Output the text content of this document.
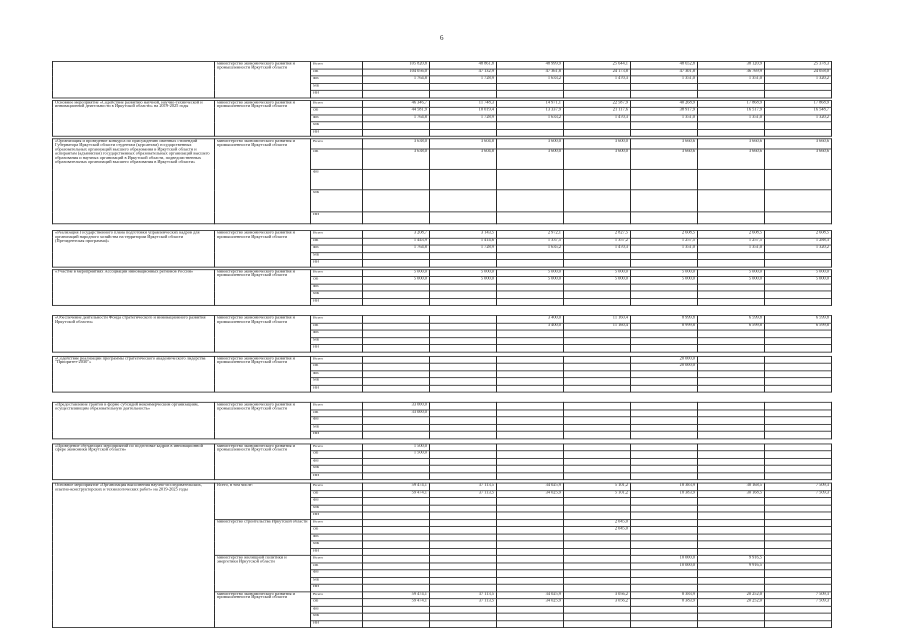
6
	министерство экономического развития и промышленности Иркутской области	Всего	105 820,8	48 861,8	48 999,9	25 644,1	48 652,8	38 120,9	25 378,3	
		ОБ	104 056,0	47 132,9	47 361,8	24 173,8	47 301,8	36 769,9	24 058,0	
		ФБ	1 764,8	1 728,9	1 633,2	1 470,3	1 351,0	1 351,0	1 320,2	
		МБ								
		ИИ								

Основное мероприятие «Содействие развитию научной, научно-технической и инновационной деятельности в Иркутской области» на 2019-2025 годы	министерство экономического развития и промышленности Иркутской области	Всего	46 346,7	11 748,3	14 971,1	22 587,9	40 268,9	17 868,9	17 868,9	
		ОБ	44 581,9	10 019,4	13 337,9	21 117,6	38 917,9	16 517,9	16 548,7	
		ФБ	1 764,8	1 728,9	1 633,2	1 470,3	1 351,0	1 351,0	1 320,2	
		МБ								
		ИИ								

«Организация и проведение конкурса по присуждению именных стипендий Губернатора Иркутской области студентам (курсантам) государственных образовательных организаций высшего образования в Иркутской области и аспирантам (адъюнктам) государственных образовательных организаций высшего образования и научных организаций в Иркутской области, подведомственных образовательных организаций высшего образования в Иркутской области»	министерство экономического развития и промышленности Иркутской области	Всего	3 638,0	3 604,8	3 600,0	3 600,0	3 660,6	3 660,6	3 660,6	
		ОБ	3 638,0	3 604,8	3 600,0	3 600,0	3 660,6	3 660,6	3 660,6	
		ФБ								
		МБ								
		ИИ								

«Реализация Государственного плана подготовки управленческих кадров для организаций народного хозяйства на территории Иркутской области (Президентская программа)»	министерство экономического развития и промышленности Иркутской области	Всего	3 208,7	3 143,5	2 972,1	2 827,5	2 608,5	2 608,5	2 608,5	
		ОБ	1 443,9	1 414,6	1 337,5	1 357,2	1 257,5	1 257,5	1 288,3	
		ФБ	1 764,8	1 728,9	1 635,2	1 470,3	1 351,0	1 351,0	1 320,2	
		МБ								
		ИИ								

«Участие в мероприятиях Ассоциации инновационных регионов России»	министерство экономического развития и промышленности Иркутской области	Всего	5 000,0	5 000,0	5 000,0	5 000,0	5 000,0	5 000,0	5 000,0	
		ОБ	5 000,0	5 000,0	5 000,0	5 000,0	5 000,0	5 000,0	5 000,0	
		ФБ								
		МБ								
		ИИ								

«Обеспечение деятельности Фонда стратегического и инновационного развития Иркутской области»	министерство экономического развития и промышленности Иркутской области	Всего			3 400,0	11 160,4	8 999,8	6 599,8	6 599,8	
		ОБ			3 400,0	11 160,4	8 999,8	6 599,8	6 599,8	
		ФБ								
		МБ								
		ИИ								

«Содействие реализации программы стратегического академического лидерства "Приоритет-2030"»	министерство экономического развития и промышленности Иркутской области	Всего					20 000,0			
		ОБ					20 000,0			
		ФБ								
		МБ								
		ИИ								

«Предоставление грантов в форме субсидий некоммерческим организациям, осуществляющим образовательную деятельность»	министерство экономического развития и промышленности Иркутской области	Всего	33 000,0							
		ОБ	33 000,0							
		ФБ								
		МБ								
		ИИ								

«Проведение обучающих мероприятий по подготовке кадров в инновационной сфере экономики Иркутской области»	министерство экономического развития и промышленности Иркутской области	Всего	1 500,0							
		ОБ	1 500,0							
		ФБ								
		МБ								
		ИИ								

Основное мероприятие «Организация выполнения научно-исследовательских, опытно-конструкторских и технологических работ» на 2019-2025 годы	Всего, в том числе:	Всего	59 474,1	37 113,5	34 025,9	5 101,2	18 383,9	30 168,5	7 509,3	
		ОБ	59 474,1	37 113,5	34 025,9	5 101,2	18 383,9	30 168,5	7 509,3	
		ФБ								
		МБ								
		ИИ								
	министерство строительства Иркутской области	Всего				2 045,0				
		ОБ				2 045,0				
		ФБ								
		МБ								
		ИИ								
	министерство жилищной политики и энергетики Иркутской области	Всего					10 000,0	9 916,5		
		ОБ					10 000,0	9 916,5		
		ФБ								
		МБ								
		ИИ								
	министерство экономического развития и промышленности Иркутской области	Всего	59 474,1	37 113,5	34 025,9	3 056,2	8 383,9	20 252,0	7 509,3	
		ОБ	59 474,1	37 113,5	34 025,9	3 056,2	8 383,9	20 252,0	7 509,3	
		ФБ								
		МБ								
		ИИ								
